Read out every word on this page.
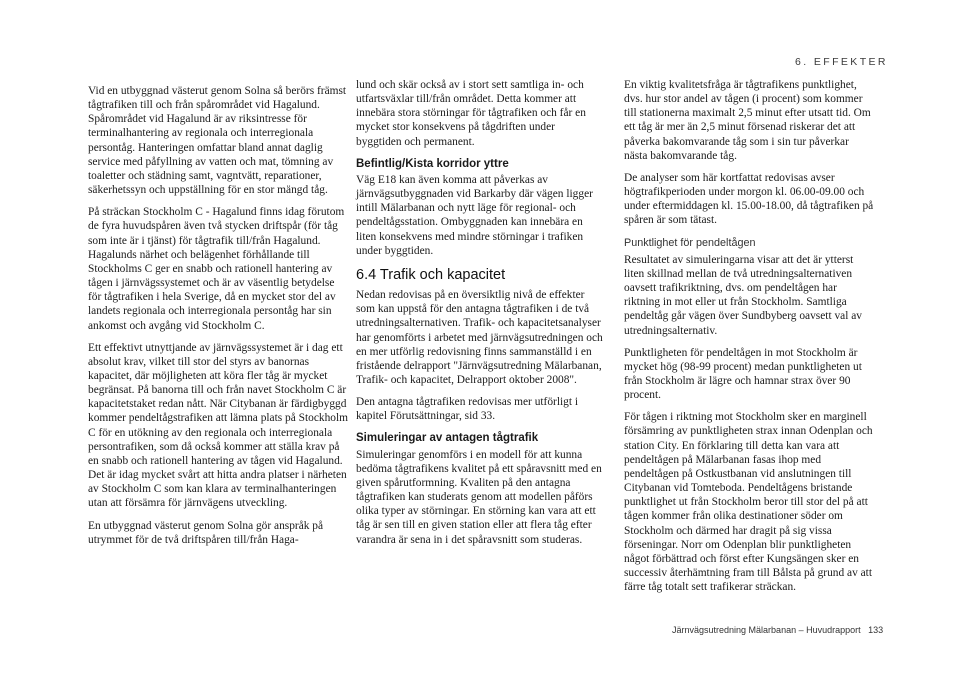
6. EFFEKTER

Vid en utbyggnad västerut genom Solna så berörs främst tågtrafiken till och från spårområdet vid Hagalund. Spårområdet vid Hagalund är av riksintresse för terminalhantering av regionala och interregionala persontåg. Hanteringen omfattar bland annat daglig service med påfyllning av vatten och mat, tömning av toaletter och städning samt, vagntvätt, reparationer, säkerhetssyn och uppställning för en stor mängd tåg.

På sträckan Stockholm C - Hagalund finns idag förutom de fyra huvudspåren även två stycken driftspår (för tåg som inte är i tjänst) för tågtrafik till/från Hagalund. Hagalunds närhet och belägenhet förhållande till Stockholms C ger en snabb och rationell hantering av tågen i järnvägssystemet och är av väsentlig betydelse för tågtrafiken i hela Sverige, då en mycket stor del av landets regionala och interregionala persontåg har sin ankomst och avgång vid Stockholm C.

Ett effektivt utnyttjande av järnvägssystemet är i dag ett absolut krav, vilket till stor del styrs av banornas kapacitet, där möjligheten att köra fler tåg är mycket begränsat. På banorna till och från navet Stockholm C är kapacitetstaket redan nått. När Citybanan är färdigbyggd kommer pendeltågstrafiken att lämna plats på Stockholm C för en utökning av den regionala och interregionala persontrafiken, som då också kommer att ställa krav på en snabb och rationell hantering av tågen vid Hagalund. Det är idag mycket svårt att hitta andra platser i närheten av Stockholm C som kan klara av terminalhanteringen utan att försämra för järnvägens utveckling.

En utbyggnad västerut genom Solna gör anspråk på utrymmet för de två driftspåren till/från Haga-

lund och skär också av i stort sett samtliga in- och utfartsväxlar till/från området. Detta kommer att innebära stora störningar för tågtrafiken och får en mycket stor konsekvens på tågdriften under byggtiden och permanent.

Befintlig/Kista korridor yttre

Väg E18 kan även komma att påverkas av järnvägsutbyggnaden vid Barkarby där vägen ligger intill Mälarbanan och nytt läge för regional- och pendeltågsstation. Ombyggnaden kan innebära en liten konsekvens med mindre störningar i trafiken under byggtiden.

6.4 Trafik och kapacitet

Nedan redovisas på en översiktlig nivå de effekter som kan uppstå för den antagna tågtrafiken i de två utredningsalternativen. Trafik- och kapacitetsanalyser har genomförts i arbetet med järnvägsutredningen och en mer utförlig redovisning finns sammanställd i en fristående delrapport "Järnvägsutredning Mälarbanan, Trafik- och kapacitet, Delrapport oktober 2008".

Den antagna tågtrafiken redovisas mer utförligt i kapitel Förutsättningar, sid 33.

Simuleringar av antagen tågtrafik

Simuleringar genomförs i en modell för att kunna bedöma tågtrafikens kvalitet på ett spåravsnitt med en given spårutformning. Kvaliten på den antagna tågtrafiken kan studerats genom att modellen påförs olika typer av störningar. En störning kan vara att ett tåg är sen till en given station eller att flera tåg efter varandra är sena in i det spåravsnitt som studeras.

En viktig kvalitetsfråga är tågtrafikens punktlighet, dvs. hur stor andel av tågen (i procent) som kommer till stationerna maximalt 2,5 minut efter utsatt tid. Om ett tåg är mer än 2,5 minut försenad riskerar det att påverka bakomvarande tåg som i sin tur påverkar nästa bakomvarande tåg.

De analyser som här kortfattat redovisas avser högtrafikperioden under morgon kl. 06.00-09.00 och under eftermiddagen kl. 15.00-18.00, då tågtrafiken på spåren är som tätast.

Punktlighet för pendeltågen

Resultatet av simuleringarna visar att det är ytterst liten skillnad mellan de två utredningsalternativen oavsett trafikriktning, dvs. om pendeltågen har riktning in mot eller ut från Stockholm. Samtliga pendeltåg går vägen över Sundbyberg oavsett val av utredningsalternativ.

Punktligheten för pendeltågen in mot Stockholm är mycket hög (98-99 procent) medan punktligheten ut från Stockholm är lägre och hamnar strax över 90 procent.

För tågen i riktning mot Stockholm sker en marginell försämring av punktligheten strax innan Odenplan och station City. En förklaring till detta kan vara att pendeltågen på Mälarbanan fasas ihop med pendeltågen på Ostkustbanan vid anslutningen till Citybanan vid Tomteboda. Pendeltågens bristande punktlighet ut från Stockholm beror till stor del på att tågen kommer från olika destinationer söder om Stockholm och därmed har dragit på sig vissa förseningar. Norr om Odenplan blir punktligheten något förbättrad och först efter Kungsängen sker en successiv återhämtning fram till Bålsta på grund av att färre tåg totalt sett trafikerar sträckan.

Järnvägsutredning Mälarbanan – Huvudrapport 133
